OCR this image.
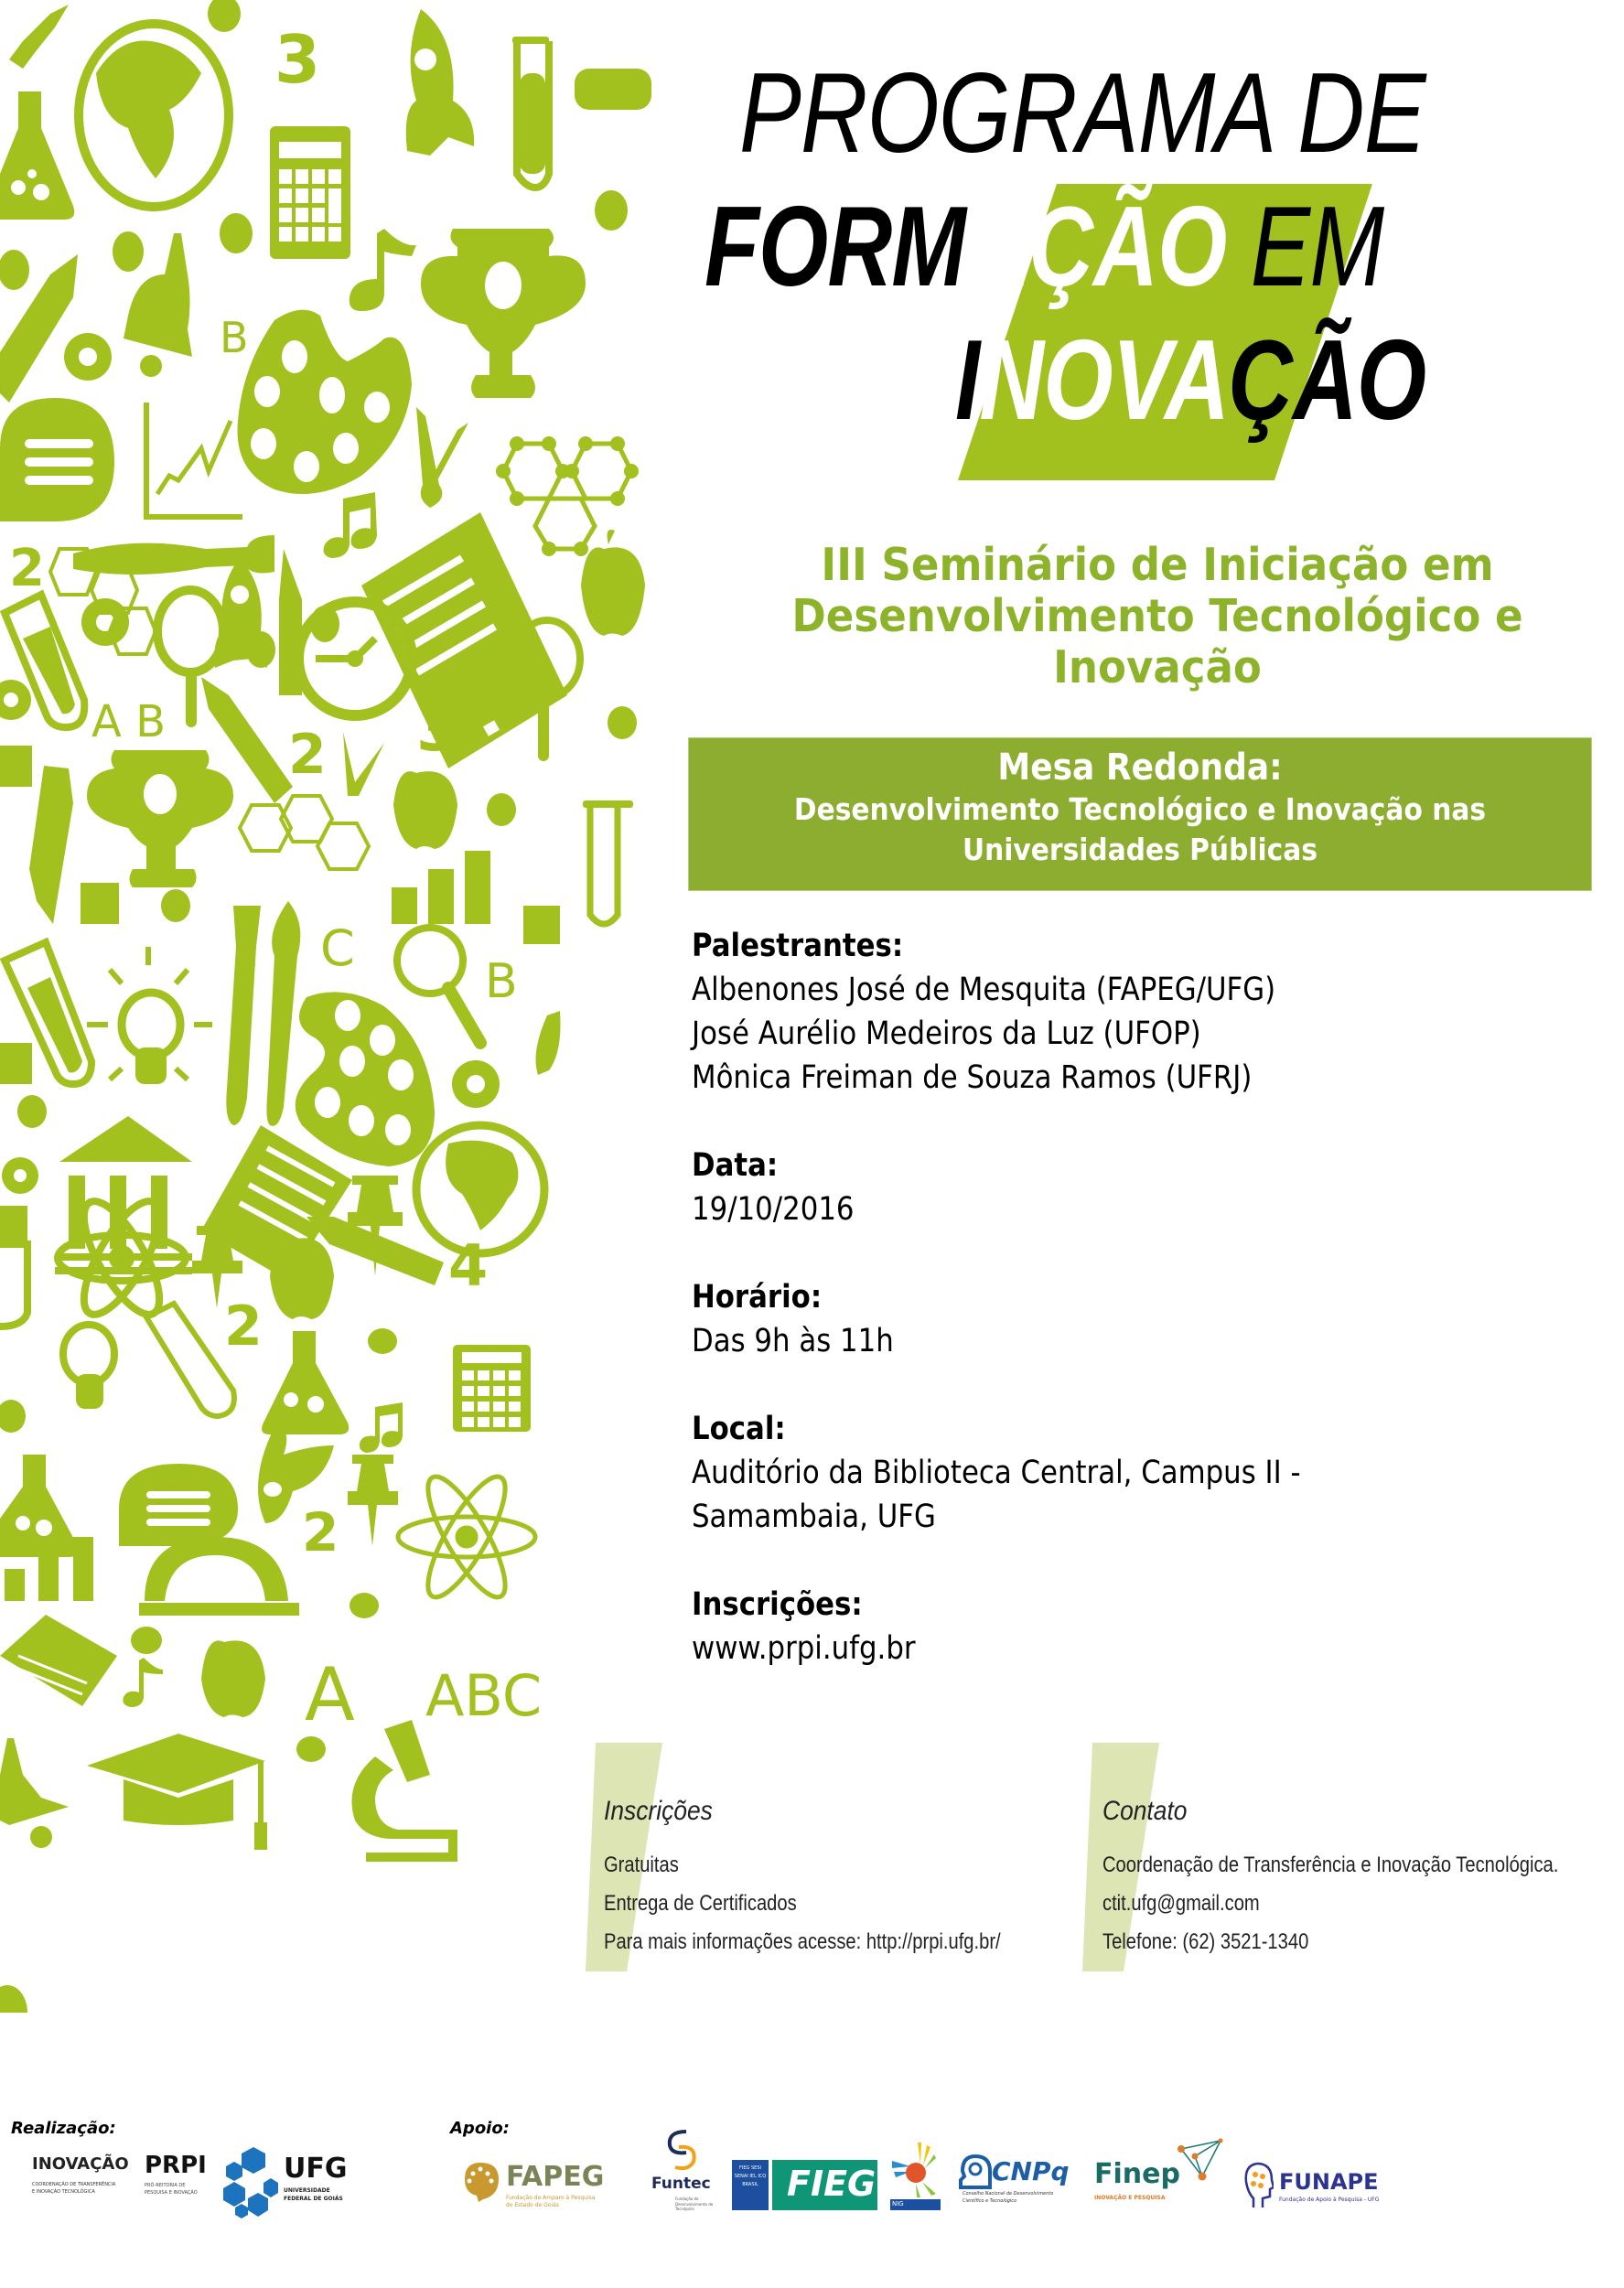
3
B
2
A B	3
2
C
B
4
2
2
A ABC
PROGRAMA DE
FORMAÇÃO EM
INOVAÇÃO
III Seminário de Iniciação em
Desenvolvimento Tecnológico e
Inovação
Mesa Redonda:
Desenvolvimento Tecnológico e Inovação nas
Universidades Públicas
Palestrantes:
Albenones José de Mesquita (FAPEG/UFG)
José Aurélio Medeiros da Luz (UFOP)
Mônica Freiman de Souza Ramos (UFRJ)
Data:
19/10/2016
Horário:
Das 9h às 11h
Local:
Auditório da Biblioteca Central, Campus II -
Samambaia, UFG
Inscrições:
www.prpi.ufg.br
Inscrições
Gratuitas
Entrega de Certificados
Para mais informações acesse: http://prpi.ufg.br/
Contato
Coordenação de Transferência e Inovação Tecnológica.
ctit.ufg@gmail.com
Telefone: (62) 3521-1340
Realização:	Apoio:
INOVAÇÃO
COORDENAÇÃO DE TRANSFERÊNCIA
E INOVAÇÃO TECNOLÓGICA
PRPI
PRÓ-REITORIA DE
PESQUISA E INOVAÇÃO
UFG
UNIVERSIDADE
FEDERAL DE GOIÁS
FAPEG
Fundação de Amparo à Pesquisa
do Estado de Goiás
Funtec
Fundação de
Desenvolvimento de Tecnópolis
FIEG SESI SENAI IEL ICQ BRASIL FIEG	NIG
CNPq
Conselho Nacional de Desenvolvimento
Científico e Tecnológico
Finep
INOVAÇÃO E PESQUISA
FUNAPE
Fundação de Apoio à Pesquisa - UFG
